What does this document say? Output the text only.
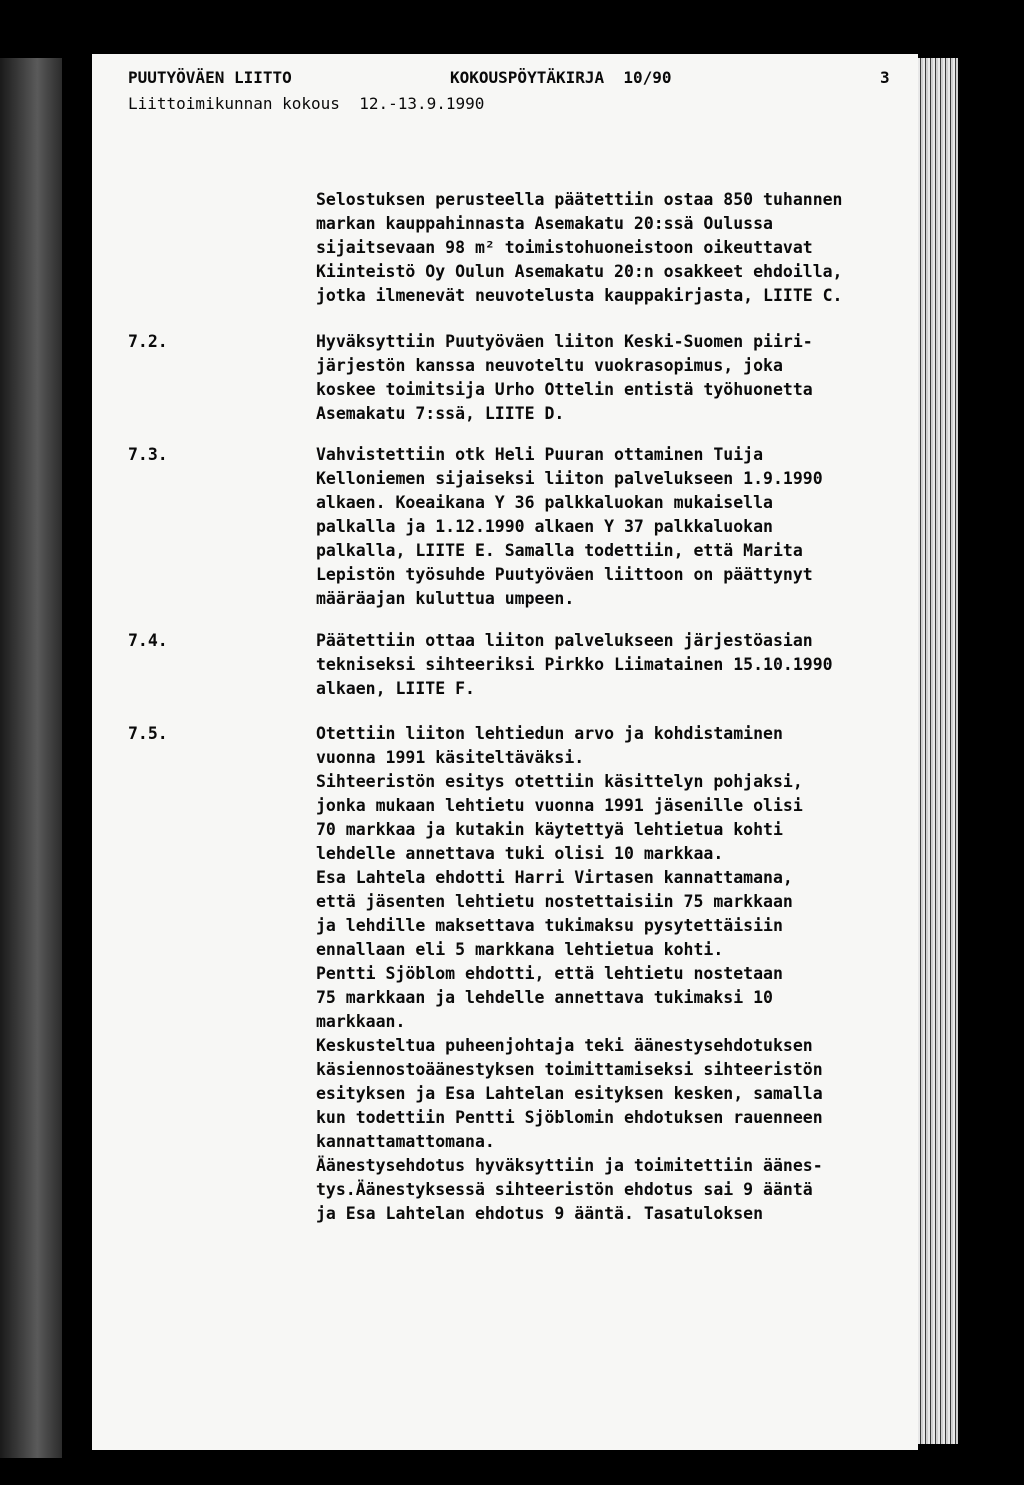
PUUTYÖVÄEN LIITTO	KOKOUSPÖYTÄKIRJA  10/90	3
Liittoimikunnan kokous  12.-13.9.1990
Selostuksen perusteella päätettiin ostaa 850 tuhannen
markan kauppahinnasta Asemakatu 20:ssä Oulussa
sijaitsevaan 98 m² toimistohuoneistoon oikeuttavat
Kiinteistö Oy Oulun Asemakatu 20:n osakkeet ehdoilla,
jotka ilmenevät neuvotelusta kauppakirjasta, LIITE C.
7.2.	Hyväksyttiin Puutyöväen liiton Keski-Suomen piiri-
järjestön kanssa neuvoteltu vuokrasopimus, joka
koskee toimitsija Urho Ottelin entistä työhuonetta
Asemakatu 7:ssä, LIITE D.
7.3.	Vahvistettiin otk Heli Puuran ottaminen Tuija
Kelloniemen sijaiseksi liiton palvelukseen 1.9.1990
alkaen. Koeaikana Y 36 palkkaluokan mukaisella
palkalla ja 1.12.1990 alkaen Y 37 palkkaluokan
palkalla, LIITE E. Samalla todettiin, että Marita
Lepistön työsuhde Puutyöväen liittoon on päättynyt
määräajan kuluttua umpeen.
7.4.	Päätettiin ottaa liiton palvelukseen järjestöasian
tekniseksi sihteeriksi Pirkko Liimatainen 15.10.1990
alkaen, LIITE F.
7.5.	Otettiin liiton lehtiedun arvo ja kohdistaminen
vuonna 1991 käsiteltäväksi.
Sihteeristön esitys otettiin käsittelyn pohjaksi,
jonka mukaan lehtietu vuonna 1991 jäsenille olisi
70 markkaa ja kutakin käytettyä lehtietua kohti
lehdelle annettava tuki olisi 10 markkaa.
Esa Lahtela ehdotti Harri Virtasen kannattamana,
että jäsenten lehtietu nostettaisiin 75 markkaan
ja lehdille maksettava tukimaksu pysytettäisiin
ennallaan eli 5 markkana lehtietua kohti.
Pentti Sjöblom ehdotti, että lehtietu nostetaan
75 markkaan ja lehdelle annettava tukimaksi 10
markkaan.
Keskusteltua puheenjohtaja teki äänestysehdotuksen
käsiennostoäänestyksen toimittamiseksi sihteeristön
esityksen ja Esa Lahtelan esityksen kesken, samalla
kun todettiin Pentti Sjöblomin ehdotuksen rauenneen
kannattamattomana.
Äänestysehdotus hyväksyttiin ja toimitettiin äänes-
tys.Äänestyksessä sihteeristön ehdotus sai 9 ääntä
ja Esa Lahtelan ehdotus 9 ääntä. Tasatuloksen
